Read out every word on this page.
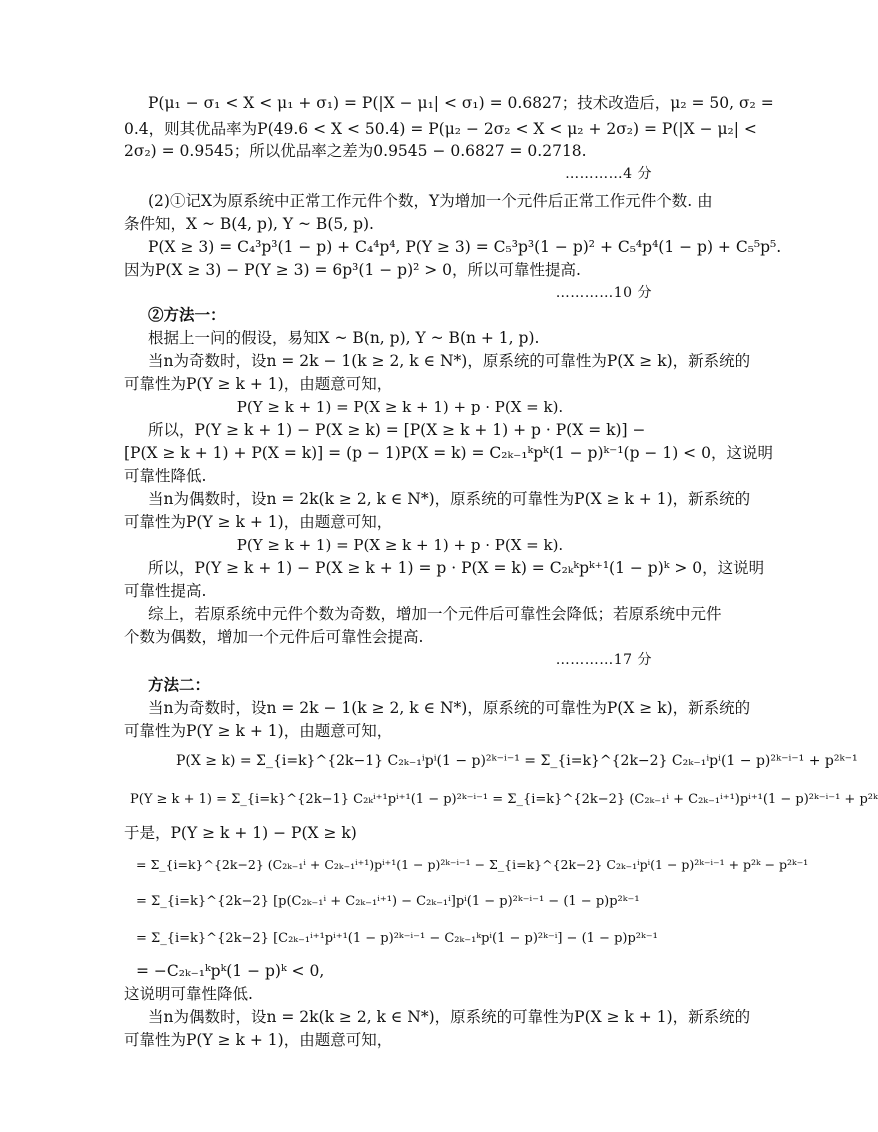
P(μ₁ − σ₁ < X < μ₁ + σ₁) = P(|X − μ₁| < σ₁) = 0.6827；技术改造后，μ₂ = 50, σ₂ =
0.4，则其优品率为P(49.6 < X < 50.4) = P(μ₂ − 2σ₂ < X < μ₂ + 2σ₂) = P(|X − μ₂| <
2σ₂) = 0.9545；所以优品率之差为0.9545 − 0.6827 = 0.2718.
…………4 分
(2)①记X为原系统中正常工作元件个数，Y为增加一个元件后正常工作元件个数. 由
条件知，X ~ B(4, p), Y ~ B(5, p).
P(X ≥ 3) = C₄³p³(1 − p) + C₄⁴p⁴, P(Y ≥ 3) = C₅³p³(1 − p)² + C₅⁴p⁴(1 − p) + C₅⁵p⁵.
因为P(X ≥ 3) − P(Y ≥ 3) = 6p³(1 − p)² > 0，所以可靠性提高.
…………10 分
②方法一：
根据上一问的假设，易知X ~ B(n, p), Y ~ B(n + 1, p).
当n为奇数时，设n = 2k − 1(k ≥ 2, k ∈ N*)，原系统的可靠性为P(X ≥ k)，新系统的
可靠性为P(Y ≥ k + 1)，由题意可知，
P(Y ≥ k + 1) = P(X ≥ k + 1) + p · P(X = k).
所以，P(Y ≥ k + 1) − P(X ≥ k) = [P(X ≥ k + 1) + p · P(X = k)] −
[P(X ≥ k + 1) + P(X = k)] = (p − 1)P(X = k) = C₂ₖ₋₁ᵏpᵏ(1 − p)ᵏ⁻¹(p − 1) < 0，这说明
可靠性降低.
当n为偶数时，设n = 2k(k ≥ 2, k ∈ N*)，原系统的可靠性为P(X ≥ k + 1)，新系统的
可靠性为P(Y ≥ k + 1)，由题意可知，
P(Y ≥ k + 1) = P(X ≥ k + 1) + p · P(X = k).
所以，P(Y ≥ k + 1) − P(X ≥ k + 1) = p · P(X = k) = C₂ₖᵏpᵏ⁺¹(1 − p)ᵏ > 0，这说明
可靠性提高.
综上，若原系统中元件个数为奇数，增加一个元件后可靠性会降低；若原系统中元件
个数为偶数，增加一个元件后可靠性会提高.
…………17 分
方法二：
当n为奇数时，设n = 2k − 1(k ≥ 2, k ∈ N*)，原系统的可靠性为P(X ≥ k)，新系统的
可靠性为P(Y ≥ k + 1)，由题意可知，
P(X ≥ k) = Σ_{i=k}^{2k−1} C₂ₖ₋₁ⁱpⁱ(1 − p)²ᵏ⁻ⁱ⁻¹ = Σ_{i=k}^{2k−2} C₂ₖ₋₁ⁱpⁱ(1 − p)²ᵏ⁻ⁱ⁻¹ + p²ᵏ⁻¹
P(Y ≥ k + 1) = Σ_{i=k}^{2k−1} C₂ₖⁱ⁺¹pⁱ⁺¹(1 − p)²ᵏ⁻ⁱ⁻¹ = Σ_{i=k}^{2k−2} (C₂ₖ₋₁ⁱ + C₂ₖ₋₁ⁱ⁺¹)pⁱ⁺¹(1 − p)²ᵏ⁻ⁱ⁻¹ + p²ᵏ
于是，P(Y ≥ k + 1) − P(X ≥ k)
= Σ_{i=k}^{2k−2} (C₂ₖ₋₁ⁱ + C₂ₖ₋₁ⁱ⁺¹)pⁱ⁺¹(1 − p)²ᵏ⁻ⁱ⁻¹ − Σ_{i=k}^{2k−2} C₂ₖ₋₁ⁱpⁱ(1 − p)²ᵏ⁻ⁱ⁻¹ + p²ᵏ − p²ᵏ⁻¹
= Σ_{i=k}^{2k−2} [p(C₂ₖ₋₁ⁱ + C₂ₖ₋₁ⁱ⁺¹) − C₂ₖ₋₁ⁱ]pⁱ(1 − p)²ᵏ⁻ⁱ⁻¹ − (1 − p)p²ᵏ⁻¹
= Σ_{i=k}^{2k−2} [C₂ₖ₋₁ⁱ⁺¹pⁱ⁺¹(1 − p)²ᵏ⁻ⁱ⁻¹ − C₂ₖ₋₁ᵏpⁱ(1 − p)²ᵏ⁻ⁱ] − (1 − p)p²ᵏ⁻¹
= −C₂ₖ₋₁ᵏpᵏ(1 − p)ᵏ < 0,
这说明可靠性降低.
当n为偶数时，设n = 2k(k ≥ 2, k ∈ N*)，原系统的可靠性为P(X ≥ k + 1)，新系统的
可靠性为P(Y ≥ k + 1)，由题意可知，
